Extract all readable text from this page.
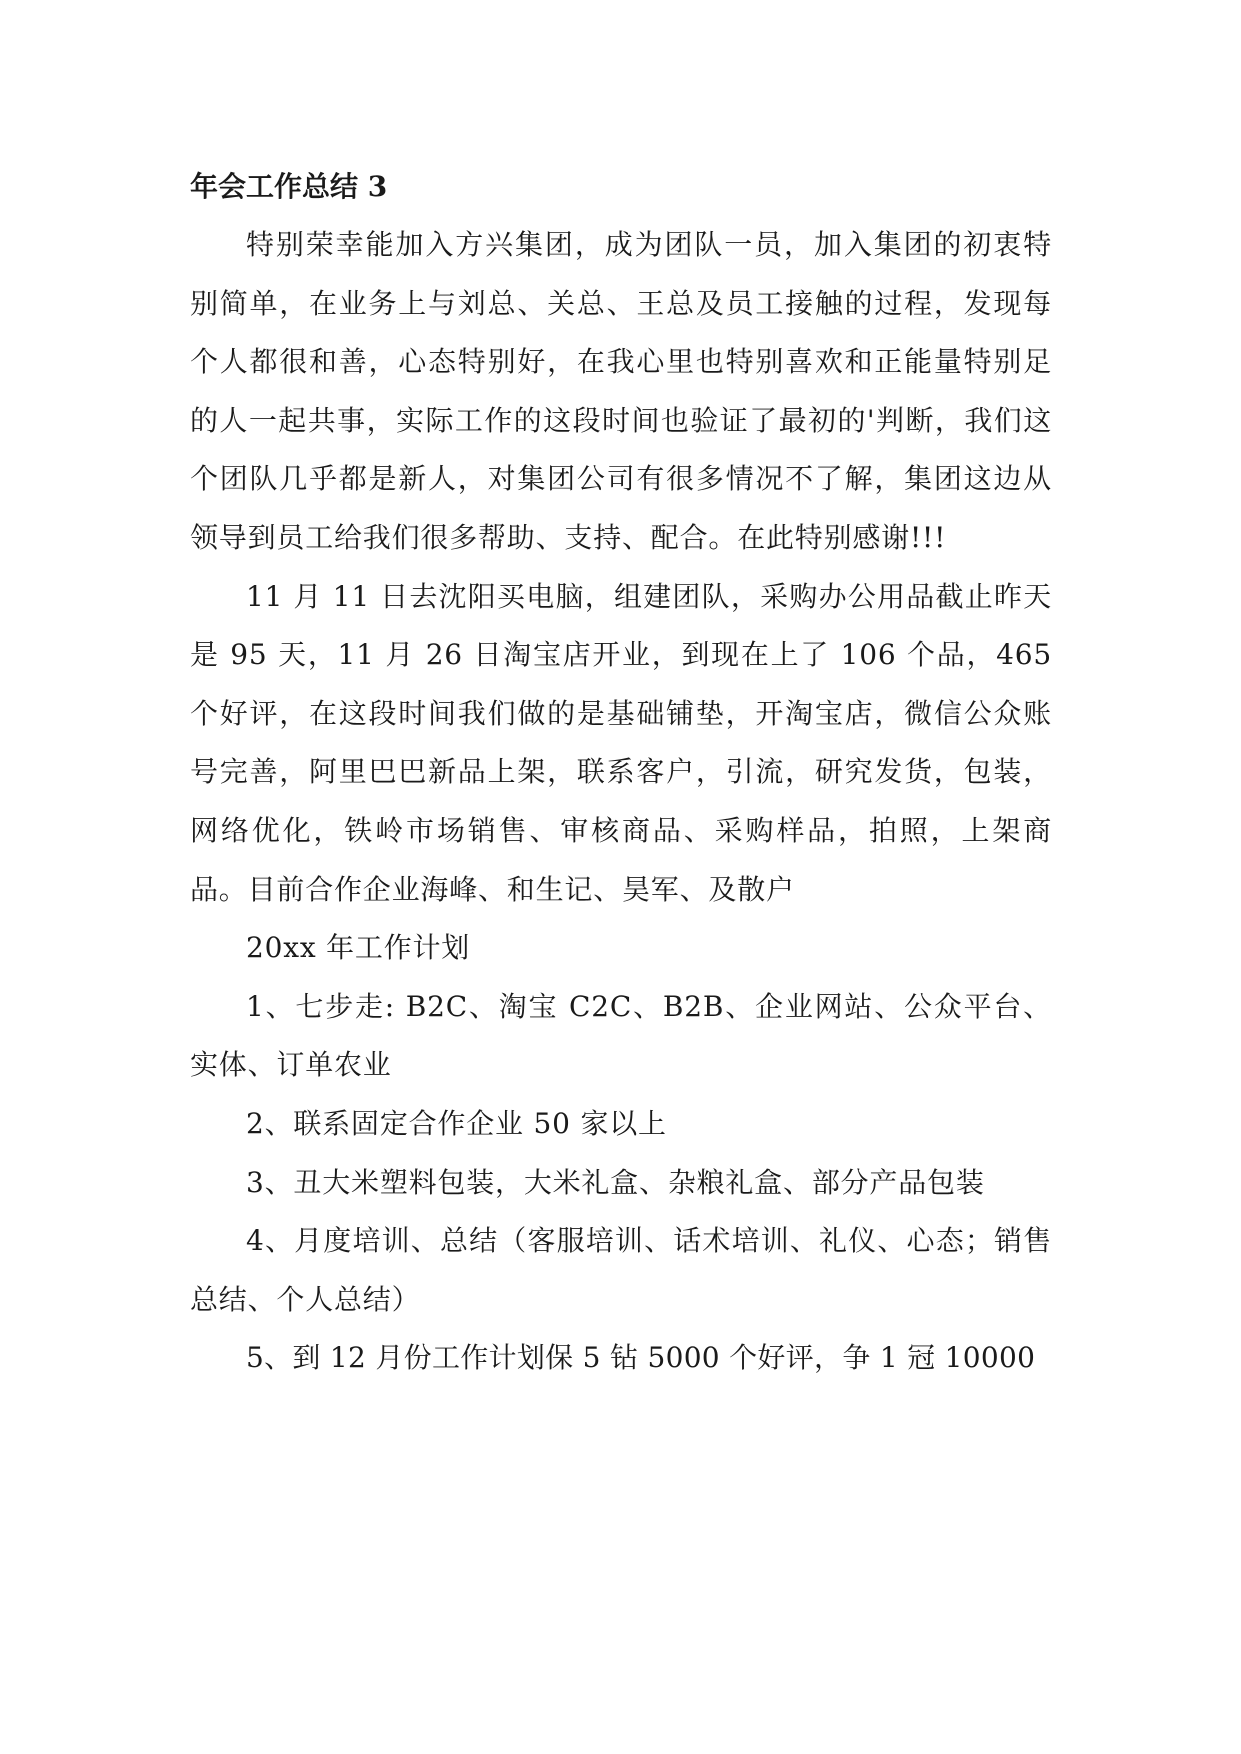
年会工作总结 3

特别荣幸能加入方兴集团，成为团队一员，加入集团的初衷特别简单，在业务上与刘总、关总、王总及员工接触的过程，发现每个人都很和善，心态特别好，在我心里也特别喜欢和正能量特别足的人一起共事，实际工作的这段时间也验证了最初的'判断，我们这个团队几乎都是新人，对集团公司有很多情况不了解，集团这边从领导到员工给我们很多帮助、支持、配合。在此特别感谢!!!

11 月 11 日去沈阳买电脑，组建团队，采购办公用品截止昨天是 95 天，11 月 26 日淘宝店开业，到现在上了 106 个品，465 个好评，在这段时间我们做的是基础铺垫，开淘宝店，微信公众账号完善，阿里巴巴新品上架，联系客户，引流，研究发货，包装，网络优化，铁岭市场销售、审核商品、采购样品，拍照，上架商品。目前合作企业海峰、和生记、昊军、及散户

20xx 年工作计划

1、七步走: B2C、淘宝 C2C、B2B、企业网站、公众平台、实体、订单农业

2、联系固定合作企业 50 家以上

3、丑大米塑料包装，大米礼盒、杂粮礼盒、部分产品包装

4、月度培训、总结（客服培训、话术培训、礼仪、心态；销售总结、个人总结）

5、到 12 月份工作计划保 5 钻 5000 个好评，争 1 冠 10000
